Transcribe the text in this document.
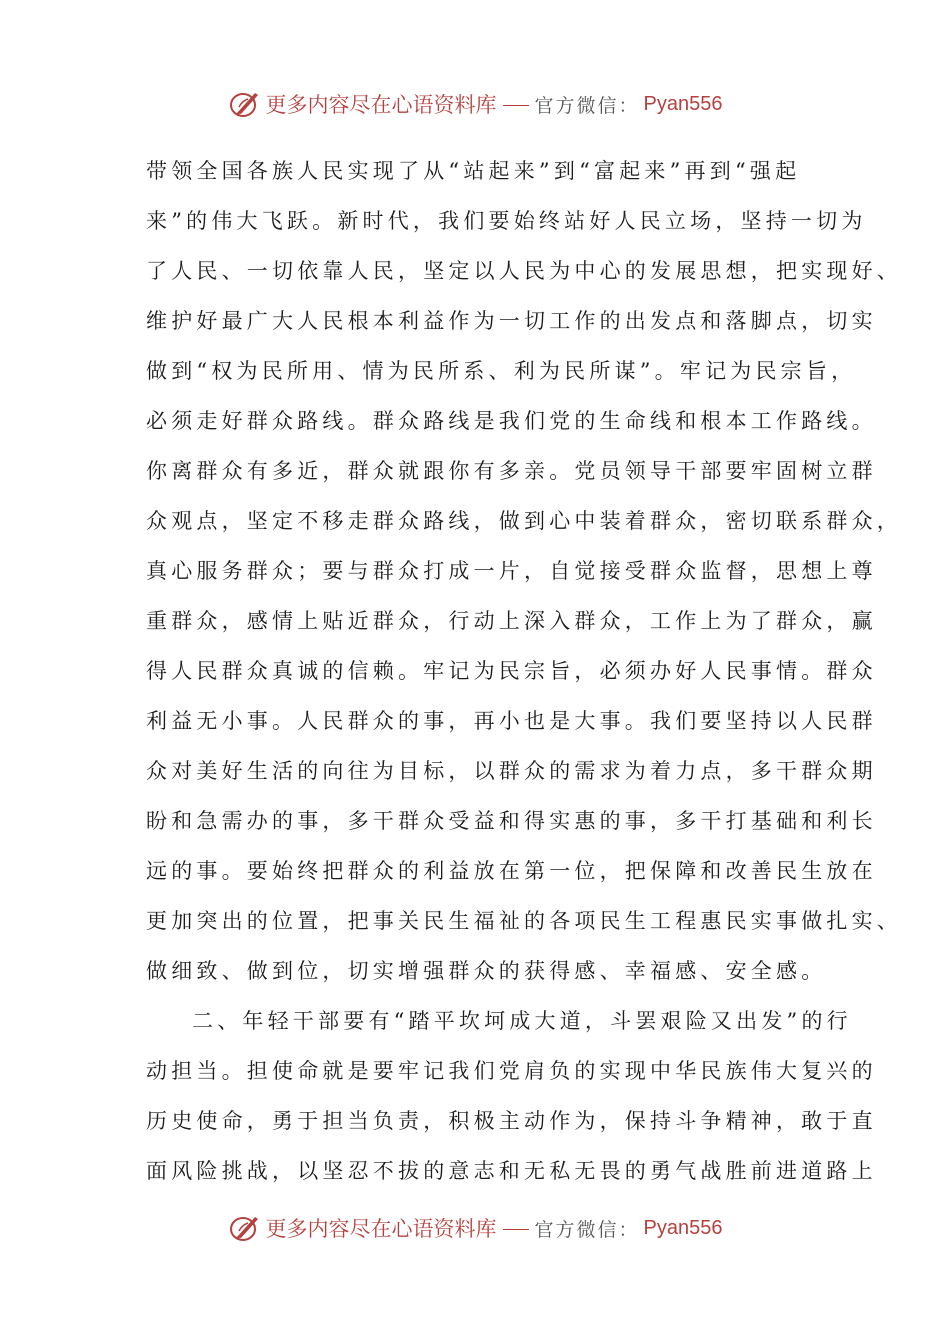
更多内容尽在心语资料库 官方微信： Pyan556
带领全国各族人民实现了从“站起来”到“富起来”再到“强起
来”的伟大飞跃。新时代，我们要始终站好人民立场，坚持一切为
了人民、一切依靠人民，坚定以人民为中心的发展思想，把实现好、
维护好最广大人民根本利益作为一切工作的出发点和落脚点，切实
做到“权为民所用、情为民所系、利为民所谋”。牢记为民宗旨，
必须走好群众路线。群众路线是我们党的生命线和根本工作路线。
你离群众有多近，群众就跟你有多亲。党员领导干部要牢固树立群
众观点，坚定不移走群众路线，做到心中装着群众，密切联系群众，
真心服务群众；要与群众打成一片，自觉接受群众监督，思想上尊
重群众，感情上贴近群众，行动上深入群众，工作上为了群众，赢
得人民群众真诚的信赖。牢记为民宗旨，必须办好人民事情。群众
利益无小事。人民群众的事，再小也是大事。我们要坚持以人民群
众对美好生活的向往为目标，以群众的需求为着力点，多干群众期
盼和急需办的事，多干群众受益和得实惠的事，多干打基础和利长
远的事。要始终把群众的利益放在第一位，把保障和改善民生放在
更加突出的位置，把事关民生福祉的各项民生工程惠民实事做扎实、
做细致、做到位，切实增强群众的获得感、幸福感、安全感。
二、年轻干部要有“踏平坎坷成大道，斗罢艰险又出发”的行
动担当。担使命就是要牢记我们党肩负的实现中华民族伟大复兴的
历史使命，勇于担当负责，积极主动作为，保持斗争精神，敢于直
面风险挑战，以坚忍不拔的意志和无私无畏的勇气战胜前进道路上
更多内容尽在心语资料库 官方微信： Pyan556
